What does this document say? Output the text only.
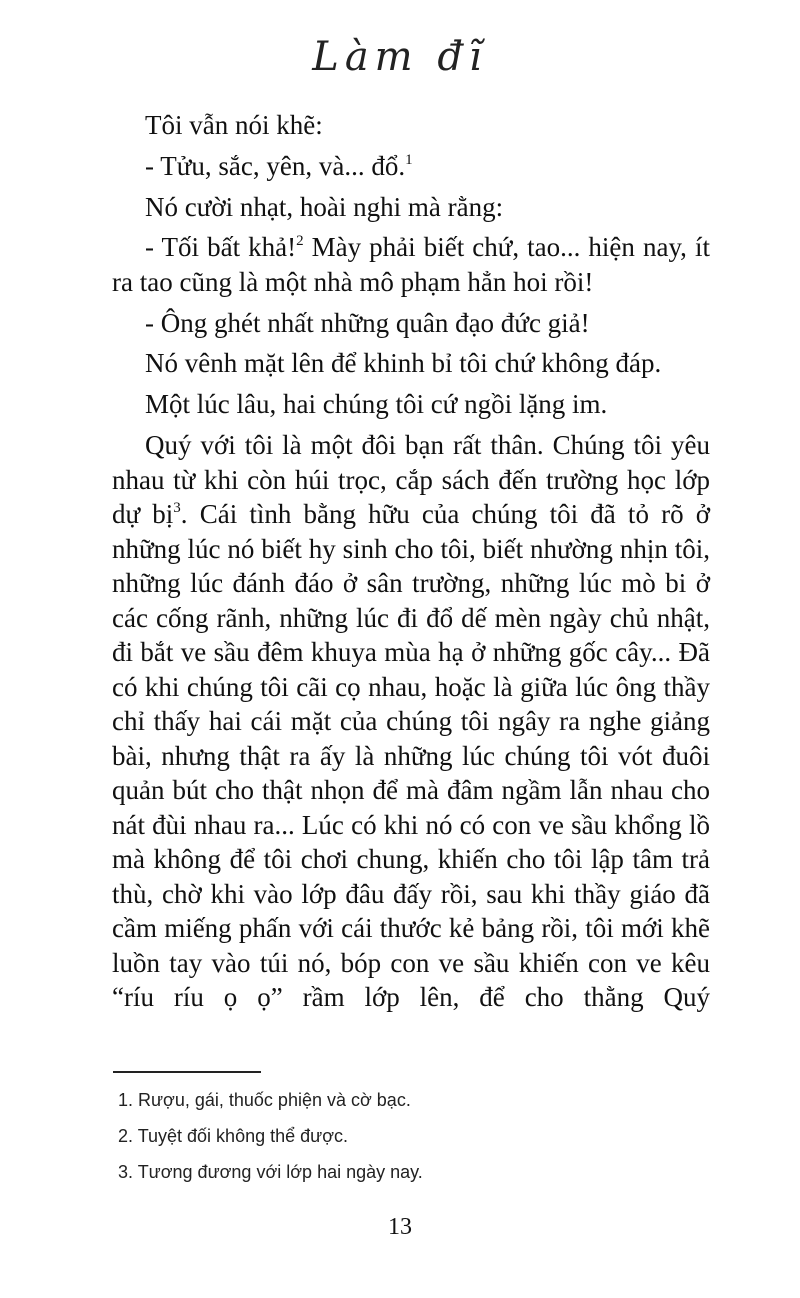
Làm đĩ

Tôi vẫn nói khẽ:

- Tửu, sắc, yên, và... đổ.$^1$

Nó cười nhạt, hoài nghi mà rằng:

- Tối bất khả!$^2$ Mày phải biết chứ, tao... hiện nay, ít ra tao cũng là một nhà mô phạm hẳn hoi rồi!

- Ông ghét nhất những quân đạo đức giả!

Nó vênh mặt lên để khinh bỉ tôi chứ không đáp.

Một lúc lâu, hai chúng tôi cứ ngồi lặng im.

Quý với tôi là một đôi bạn rất thân. Chúng tôi yêu nhau từ khi còn húi trọc, cắp sách đến trường học lớp dự bị$^3$. Cái tình bằng hữu của chúng tôi đã tỏ rõ ở những lúc nó biết hy sinh cho tôi, biết nhường nhịn tôi, những lúc đánh đáo ở sân trường, những lúc mò bi ở các cống rãnh, những lúc đi đổ dế mèn ngày chủ nhật, đi bắt ve sầu đêm khuya mùa hạ ở những gốc cây... Đã có khi chúng tôi cãi cọ nhau, hoặc là giữa lúc ông thầy chỉ thấy hai cái mặt của chúng tôi ngây ra nghe giảng bài, nhưng thật ra ấy là những lúc chúng tôi vót đuôi quản bút cho thật nhọn để mà đâm ngầm lẫn nhau cho nát đùi nhau ra... Lúc có khi nó có con ve sầu khổng lồ mà không để tôi chơi chung, khiến cho tôi lập tâm trả thù, chờ khi vào lớp đâu đấy rồi, sau khi thầy giáo đã cầm miếng phấn với cái thước kẻ bảng rồi, tôi mới khẽ luồn tay vào túi nó, bóp con ve sầu khiến con ve kêu “ríu ríu ọ ọ” rầm lớp lên, để cho thằng Quý

1. Rượu, gái, thuốc phiện và cờ bạc.
2. Tuyệt đối không thể được.
3. Tương đương với lớp hai ngày nay.
13
